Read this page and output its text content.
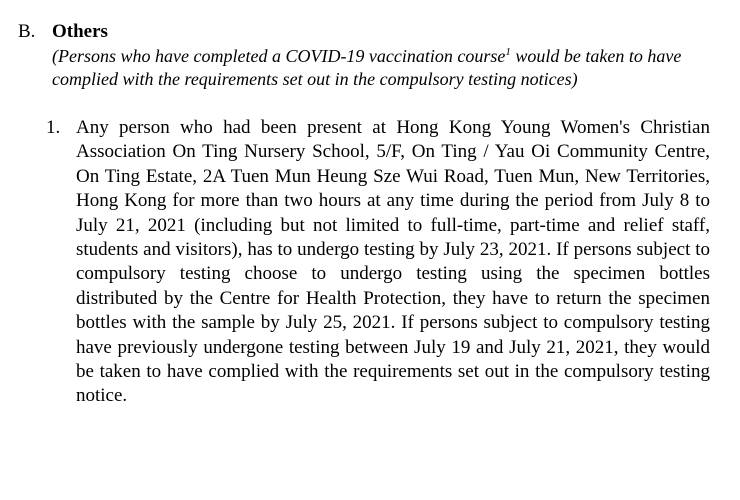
B. Others
(Persons who have completed a COVID-19 vaccination course$^1$ would be taken to have complied with the requirements set out in the compulsory testing notices)
1. Any person who had been present at Hong Kong Young Women's Christian Association On Ting Nursery School, 5/F, On Ting / Yau Oi Community Centre, On Ting Estate, 2A Tuen Mun Heung Sze Wui Road, Tuen Mun, New Territories, Hong Kong for more than two hours at any time during the period from July 8 to July 21, 2021 (including but not limited to full-time, part-time and relief staff, students and visitors), has to undergo testing by July 23, 2021. If persons subject to compulsory testing choose to undergo testing using the specimen bottles distributed by the Centre for Health Protection, they have to return the specimen bottles with the sample by July 25, 2021. If persons subject to compulsory testing have previously undergone testing between July 19 and July 21, 2021, they would be taken to have complied with the requirements set out in the compulsory testing notice.
